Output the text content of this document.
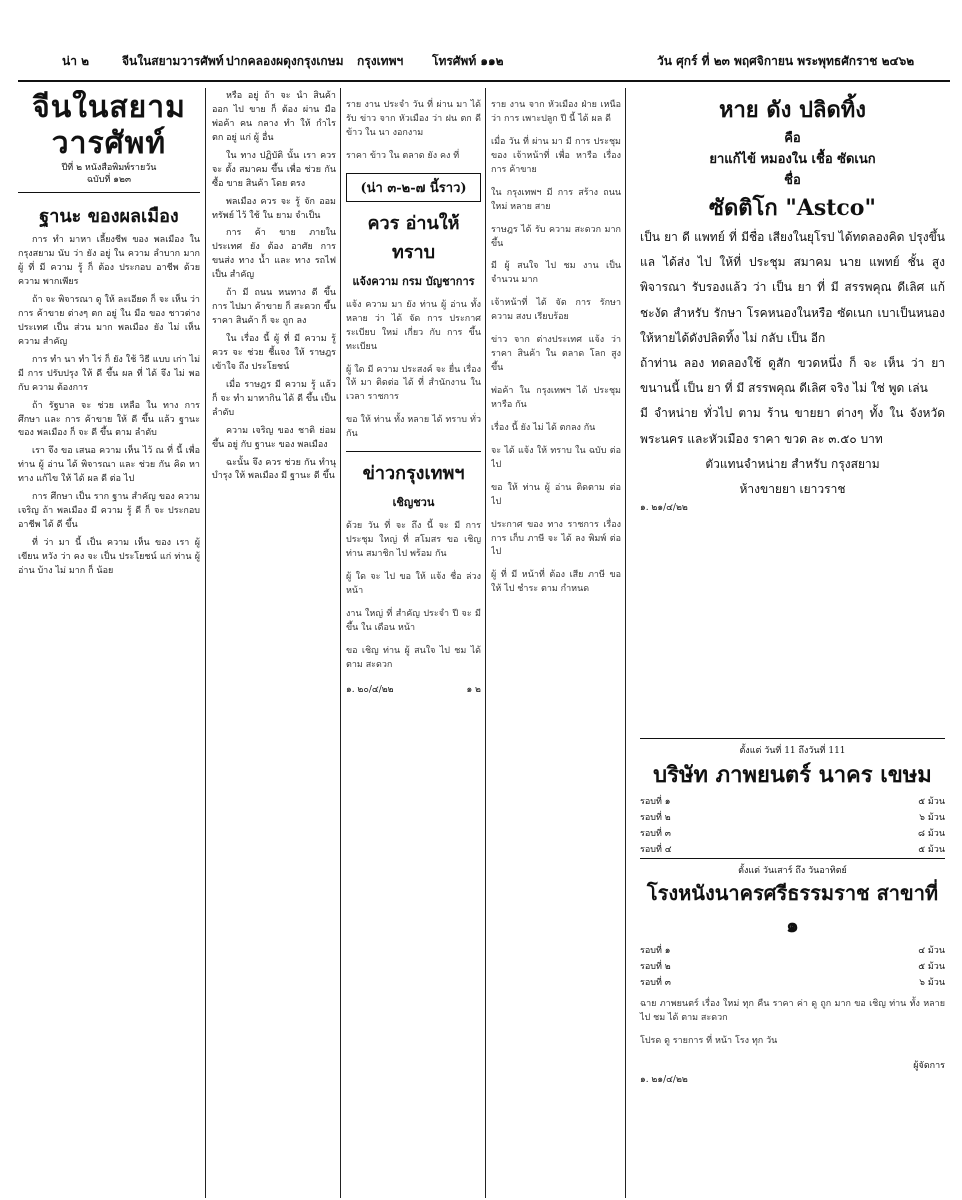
น่า ๒	จีนในสยามวารศัพท์ ปากคลองผดุงกรุงเกษม กรุงเทพฯ โทรศัพท์ ๑๑๒	วัน ศุกร์ ที่ ๒๓ พฤศจิกายน พระพุทธศักราช ๒๔๖๒
จีนในสยามวารศัพท์
ปีที่ ๒ หนังสือพิมพ์รายวัน
ฉบับที่ ๑๒๓
ฐานะ ของผลเมือง

การ ทำ มาหา เลี้ยงชีพ ของ พลเมือง ใน กรุงสยาม นับ ว่า ยัง อยู่ ใน ความ ลำบาก มาก ผู้ ที่ มี ความ รู้ ก็ ต้อง ประกอบ อาชีพ ด้วย ความ พากเพียร

ถ้า จะ พิจารณา ดู ให้ ละเอียด ก็ จะ เห็น ว่า การ ค้าขาย ต่างๆ ตก อยู่ ใน มือ ของ ชาวต่างประเทศ เป็น ส่วน มาก พลเมือง ยัง ไม่ เห็น ความ สำคัญ

การ ทำ นา ทำ ไร่ ก็ ยัง ใช้ วิธี แบบ เก่า ไม่ มี การ ปรับปรุง ให้ ดี ขึ้น ผล ที่ ได้ จึง ไม่ พอ กับ ความ ต้องการ

ถ้า รัฐบาล จะ ช่วย เหลือ ใน ทาง การ ศึกษา และ การ ค้าขาย ให้ ดี ขึ้น แล้ว ฐานะ ของ พลเมือง ก็ จะ ดี ขึ้น ตาม ลำดับ

เรา จึง ขอ เสนอ ความ เห็น ไว้ ณ ที่ นี้ เพื่อ ท่าน ผู้ อ่าน ได้ พิจารณา และ ช่วย กัน คิด หา ทาง แก้ไข ให้ ได้ ผล ดี ต่อ ไป

การ ศึกษา เป็น ราก ฐาน สำคัญ ของ ความ เจริญ ถ้า พลเมือง มี ความ รู้ ดี ก็ จะ ประกอบ อาชีพ ได้ ดี ขึ้น

ที่ ว่า มา นี้ เป็น ความ เห็น ของ เรา ผู้ เขียน หวัง ว่า คง จะ เป็น ประโยชน์ แก่ ท่าน ผู้ อ่าน บ้าง ไม่ มาก ก็ น้อย

หรือ อยู่ ถ้า จะ นำ สินค้า ออก ไป ขาย ก็ ต้อง ผ่าน มือ พ่อค้า คน กลาง ทำ ให้ กำไร ตก อยู่ แก่ ผู้ อื่น

ใน ทาง ปฏิบัติ นั้น เรา ควร จะ ตั้ง สมาคม ขึ้น เพื่อ ช่วย กัน ซื้อ ขาย สินค้า โดย ตรง

พลเมือง ควร จะ รู้ จัก ออม ทรัพย์ ไว้ ใช้ ใน ยาม จำเป็น

การ ค้า ขาย ภายใน ประเทศ ยัง ต้อง อาศัย การ ขนส่ง ทาง น้ำ และ ทาง รถไฟ เป็น สำคัญ

ถ้า มี ถนน หนทาง ดี ขึ้น การ ไปมา ค้าขาย ก็ สะดวก ขึ้น ราคา สินค้า ก็ จะ ถูก ลง

ใน เรื่อง นี้ ผู้ ที่ มี ความ รู้ ควร จะ ช่วย ชี้แจง ให้ ราษฎร เข้าใจ ถึง ประโยชน์

เมื่อ ราษฎร มี ความ รู้ แล้ว ก็ จะ ทำ มาหากิน ได้ ดี ขึ้น เป็น ลำดับ

ความ เจริญ ของ ชาติ ย่อม ขึ้น อยู่ กับ ฐานะ ของ พลเมือง

ฉะนั้น จึง ควร ช่วย กัน ทำนุบำรุง ให้ พลเมือง มี ฐานะ ดี ขึ้น

ราย งาน ประจำ วัน ที่ ผ่าน มา ได้ รับ ข่าว จาก หัวเมือง ว่า ฝน ตก ดี ข้าว ใน นา งอกงาม

ราคา ข้าว ใน ตลาด ยัง คง ที่

(น่า ๓-๒-๗ นี้ราว)
ควร อ่านให้ ทราบ
แจ้งความ กรม บัญชาการ

แจ้ง ความ มา ยัง ท่าน ผู้ อ่าน ทั้ง หลาย ว่า ได้ จัด การ ประกาศ ระเบียบ ใหม่ เกี่ยว กับ การ ขึ้น ทะเบียน

ผู้ ใด มี ความ ประสงค์ จะ ยื่น เรื่อง ให้ มา ติดต่อ ได้ ที่ สำนักงาน ใน เวลา ราชการ

ขอ ให้ ท่าน ทั้ง หลาย ได้ ทราบ ทั่ว กัน

ข่าวกรุงเทพฯ
เชิญชวน

ด้วย วัน ที่ จะ ถึง นี้ จะ มี การ ประชุม ใหญ่ ที่ สโมสร ขอ เชิญ ท่าน สมาชิก ไป พร้อม กัน

ผู้ ใด จะ ไป ขอ ให้ แจ้ง ชื่อ ล่วง หน้า

งาน ใหญ่ ที่ สำคัญ ประจำ ปี จะ มี ขึ้น ใน เดือน หน้า

ขอ เชิญ ท่าน ผู้ สนใจ ไป ชม ได้ ตาม สะดวก

๑. ๒๐/๔/๒๒	๑ ๒

ราย งาน จาก หัวเมือง ฝ่าย เหนือ ว่า การ เพาะปลูก ปี นี้ ได้ ผล ดี

เมื่อ วัน ที่ ผ่าน มา มี การ ประชุม ของ เจ้าหน้าที่ เพื่อ หารือ เรื่อง การ ค้าขาย

ใน กรุงเทพฯ มี การ สร้าง ถนน ใหม่ หลาย สาย

ราษฎร ได้ รับ ความ สะดวก มาก ขึ้น

มี ผู้ สนใจ ไป ชม งาน เป็น จำนวน มาก

เจ้าหน้าที่ ได้ จัด การ รักษา ความ สงบ เรียบร้อย

ข่าว จาก ต่างประเทศ แจ้ง ว่า ราคา สินค้า ใน ตลาด โลก สูง ขึ้น

พ่อค้า ใน กรุงเทพฯ ได้ ประชุม หารือ กัน

เรื่อง นี้ ยัง ไม่ ได้ ตกลง กัน

จะ ได้ แจ้ง ให้ ทราบ ใน ฉบับ ต่อ ไป

ขอ ให้ ท่าน ผู้ อ่าน ติดตาม ต่อ ไป

ประกาศ ของ ทาง ราชการ เรื่อง การ เก็บ ภาษี จะ ได้ ลง พิมพ์ ต่อ ไป

ผู้ ที่ มี หน้าที่ ต้อง เสีย ภาษี ขอ ให้ ไป ชำระ ตาม กำหนด

หาย ดัง ปลิดทิ้ง
คือ
ยาแก้ไข้ หมองใน เชื้อ ซัดเนก
ชื่อ
ซัดติโก "Astco"
เป็น ยา ดี แพทย์ ที่ มีชื่อ เสียงในยุโรป ได้ทดลองคิด ปรุงขึ้น แล ได้ส่ง ไป ให้ที่ ประชุม สมาคม นาย แพทย์ ชั้น สูง พิจารณา รับรองแล้ว ว่า เป็น ยา ที่ มี สรรพคุณ ดีเลิศ แก้ชะงัด สำหรับ รักษา โรคหนองในหรือ ซัดเนก เบาเป็นหนอง ให้หายได้ดังปลิดทิ้ง ไม่ กลับ เป็น อีก
ถ้าท่าน ลอง ทดลองใช้ ดูสัก ขวดหนึ่ง ก็ จะ เห็น ว่า ยา ขนานนี้ เป็น ยา ที่ มี สรรพคุณ ดีเลิศ จริง ไม่ ใช่ พูด เล่น
มี จำหน่าย ทั่วไป ตาม ร้าน ขายยา ต่างๆ ทั้ง ใน จังหวัด พระนคร และหัวเมือง ราคา ขวด ละ ๓.๕๐ บาท
ตัวแทนจำหน่าย สำหรับ กรุงสยาม
ห้างขายยา เยาวราช
๑. ๒๑/๔/๒๒
ตั้งแต่ วันที่ 11 ถึงวันที่ 111
บริษัท ภาพยนตร์ นาคร เขษม
รอบที่ ๑	๕ ม้วน
รอบที่ ๒	๖ ม้วน
รอบที่ ๓	๘ ม้วน
รอบที่ ๔	๕ ม้วน
ตั้งแต่ วันเสาร์ ถึง วันอาทิตย์
โรงหนังนาครศรีธรรมราช สาขาที่ ๑
รอบที่ ๑	๔ ม้วน
รอบที่ ๒	๕ ม้วน
รอบที่ ๓	๖ ม้วน

ฉาย ภาพยนตร์ เรื่อง ใหม่ ทุก คืน ราคา ค่า ดู ถูก มาก ขอ เชิญ ท่าน ทั้ง หลาย ไป ชม ได้ ตาม สะดวก

โปรด ดู รายการ ที่ หน้า โรง ทุก วัน

ผู้จัดการ
๑. ๒๑/๔/๒๒
